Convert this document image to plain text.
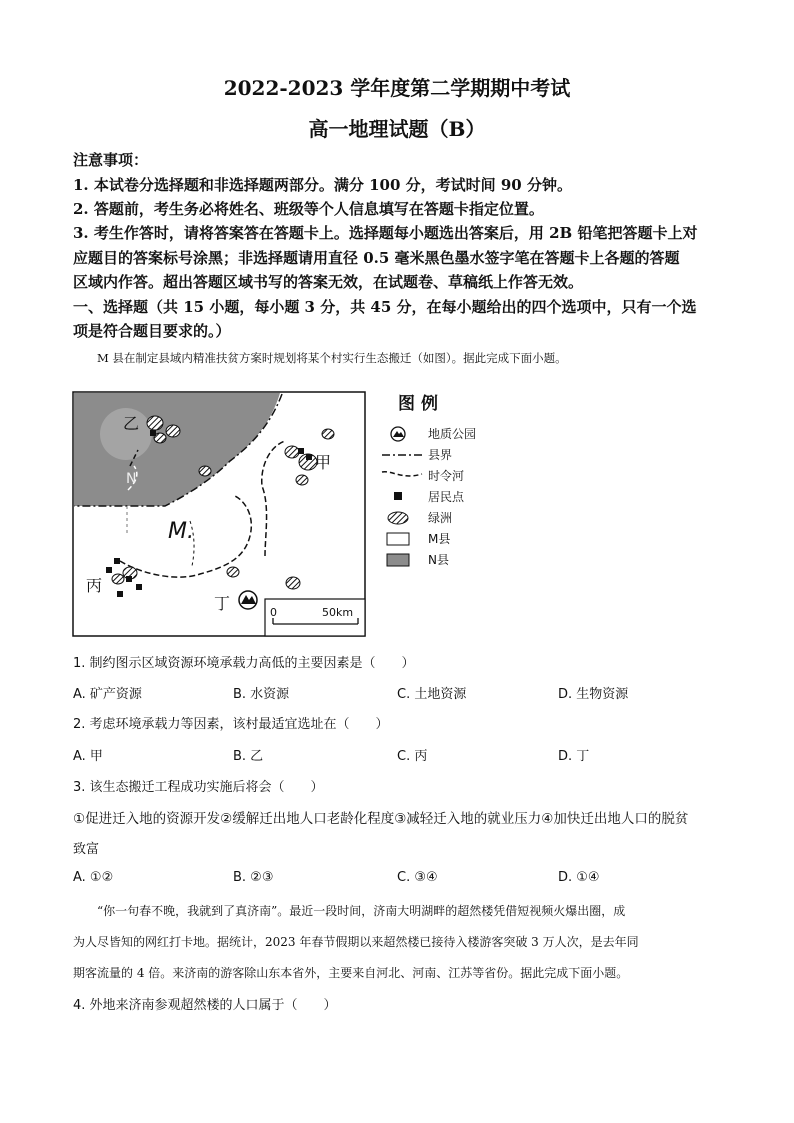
2022-2023 学年度第二学期期中考试
高一地理试题（B）
注意事项：
1. 本试卷分选择题和非选择题两部分。满分 100 分，考试时间 90 分钟。
2. 答题前，考生务必将姓名、班级等个人信息填写在答题卡指定位置。
3. 考生作答时，请将答案答在答题卡上。选择题每小题选出答案后，用 2B 铅笔把答题卡上对
应题目的答案标号涂黑；非选择题请用直径 0.5 毫米黑色墨水签字笔在答题卡上各题的答题
区域内作答。超出答题区域书写的答案无效，在试题卷、草稿纸上作答无效。
一、选择题（共 15 小题，每小题 3 分，共 45 分，在每小题给出的四个选项中，只有一个选
项是符合题目要求的。）
M 县在制定县域内精准扶贫方案时规划将某个村实行生态搬迁（如图）。据此完成下面小题。
乙
甲
丙
丁
M.
N
0	50km
图 例
地质公园
县界
时令河
居民点
绿洲
M县
N县
1. 制约图示区域资源环境承载力高低的主要因素是（　　）
A. 矿产资源	B. 水资源	C. 土地资源	D. 生物资源
2. 考虑环境承载力等因素，该村最适宜选址在（　　）
A. 甲	B. 乙	C. 丙	D. 丁
3. 该生态搬迁工程成功实施后将会（　　）
①促进迁入地的资源开发②缓解迁出地人口老龄化程度③减轻迁入地的就业压力④加快迁出地人口的脱贫
致富
A. ①②	B. ②③	C. ③④	D. ①④
“你一句春不晚，我就到了真济南”。最近一段时间，济南大明湖畔的超然楼凭借短视频火爆出圈，成
为人尽皆知的网红打卡地。据统计，2023 年春节假期以来超然楼已接待入楼游客突破 3 万人次，是去年同
期客流量的 4 倍。来济南的游客除山东本省外，主要来自河北、河南、江苏等省份。据此完成下面小题。
4. 外地来济南参观超然楼的人口属于（　　）
